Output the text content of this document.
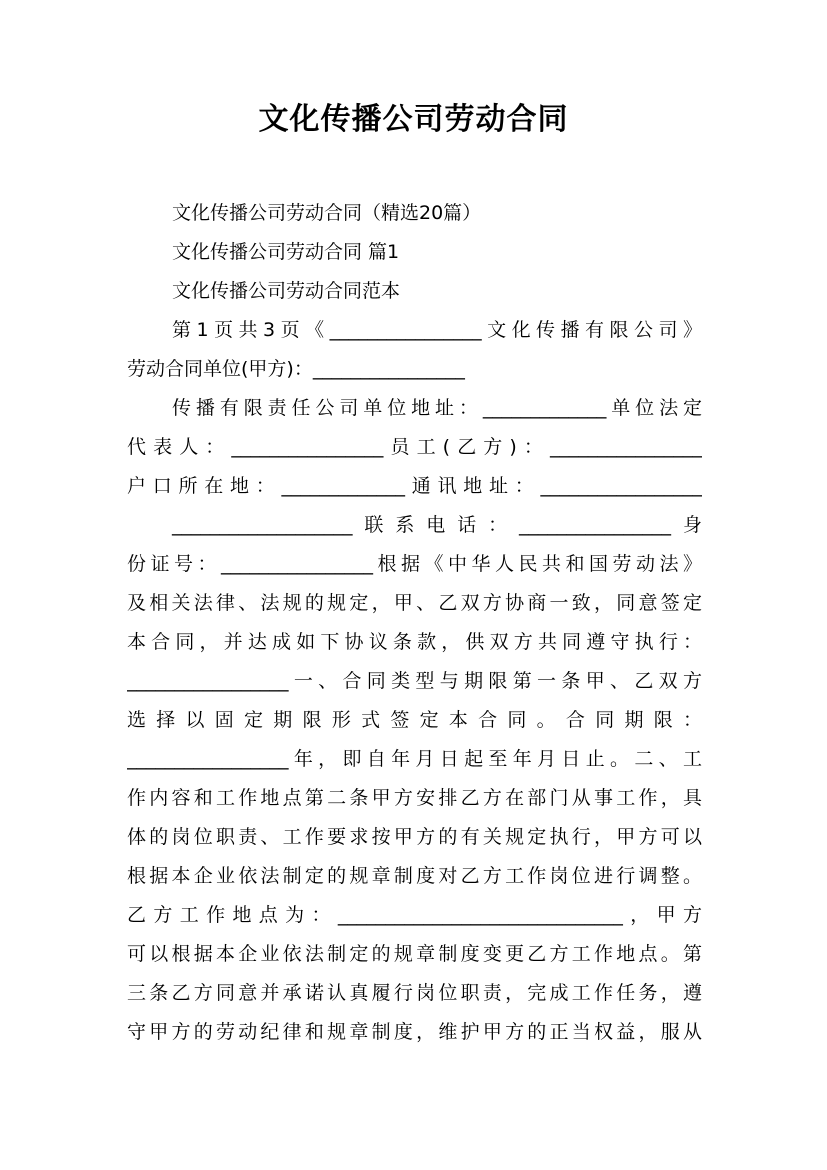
文化传播公司劳动合同
文化传播公司劳动合同（精选20篇）
文化传播公司劳动合同 篇1
文化传播公司劳动合同范本
第1页共3页《________________文化传播有限公司》
劳动合同单位(甲方)：________________
传播有限责任公司单位地址：_____________单位法定
代表人：________________员工(乙方)：________________
户口所在地：_____________通讯地址：_________________
___________________联系电话：________________身
份证号：________________根据《中华人民共和国劳动法》
及相关法律、法规的规定，甲、乙双方协商一致，同意签定
本合同，并达成如下协议条款，供双方共同遵守执行：
_________________一、合同类型与期限第一条甲、乙双方
选择以固定期限形式签定本合同。合同期限：
_________________年，即自年月日起至年月日止。二、工
作内容和工作地点第二条甲方安排乙方在部门从事工作，具
体的岗位职责、工作要求按甲方的有关规定执行，甲方可以
根据本企业依法制定的规章制度对乙方工作岗位进行调整。
乙方工作地点为：______________________________，甲方
可以根据本企业依法制定的规章制度变更乙方工作地点。第
三条乙方同意并承诺认真履行岗位职责，完成工作任务，遵
守甲方的劳动纪律和规章制度，维护甲方的正当权益，服从
